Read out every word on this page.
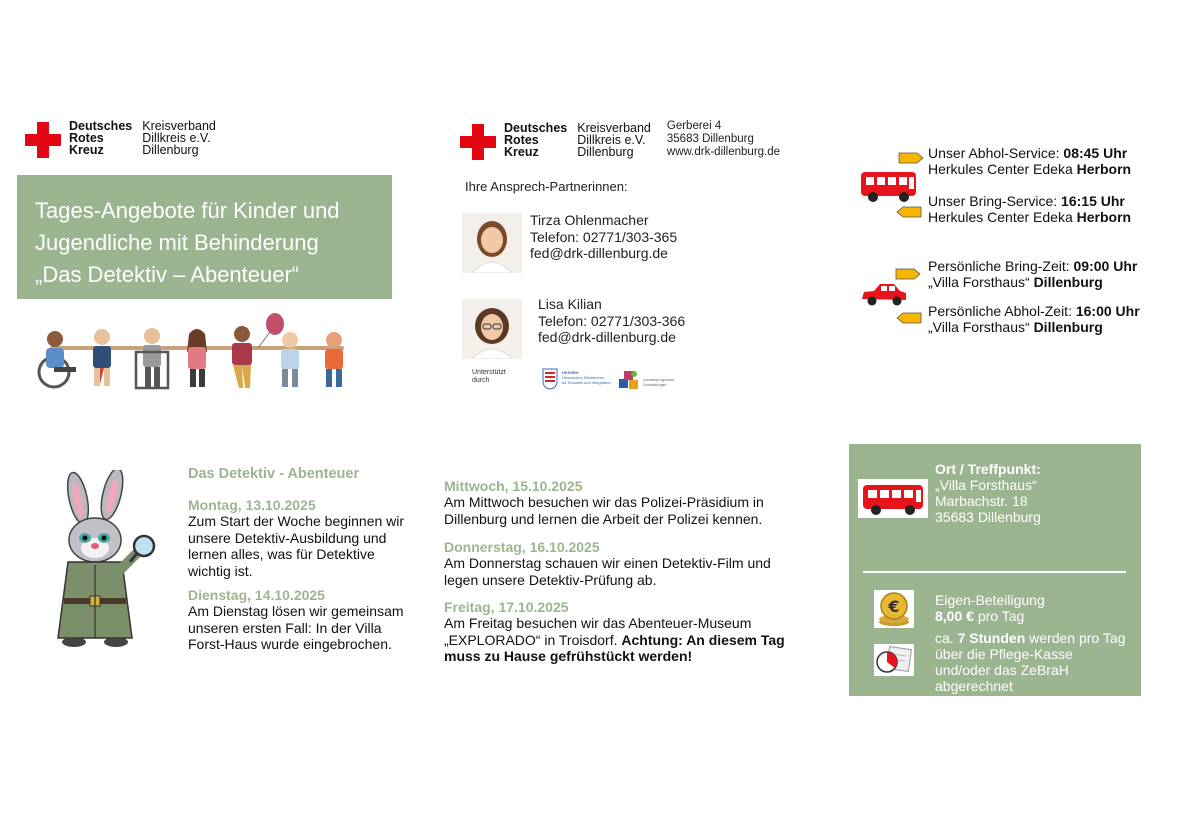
Deutsches
Rotes
Kreuz
Kreisverband
Dillkreis e.V.
Dillenburg
Tages-Angebote für Kinder und
Jugendliche mit Behinderung
„Das Detektiv – Abenteuer“
Deutsches
Rotes
Kreuz
Kreisverband
Dillkreis e.V.
Dillenburg
Gerberei 4
35683 Dillenburg
www.drk-dillenburg.de
Ihre Ansprech-Partnerinnen:
Tirza Ohlenmacher
Telefon: 02771/303-365
fed@drk-dillenburg.de
Lisa Kilian
Telefon: 02771/303-366
fed@drk-dillenburg.de
Unterstützt
durch
HESSEN
Hessisches Ministerium
für Soziales und Integration
Landesprogramm
Sozialbudget
Unser Abhol-Service: 08:45 Uhr
Herkules Center Edeka Herborn
Unser Bring-Service: 16:15 Uhr
Herkules Center Edeka Herborn
Persönliche Bring-Zeit: 09:00 Uhr
„Villa Forsthaus“ Dillenburg
Persönliche Abhol-Zeit: 16:00 Uhr
„Villa Forsthaus“ Dillenburg
Das Detektiv - Abenteuer
Montag, 13.10.2025
Zum Start der Woche beginnen wir
unsere Detektiv-Ausbildung und
lernen alles, was für Detektive
wichtig ist.
Dienstag, 14.10.2025
Am Dienstag lösen wir gemeinsam
unseren ersten Fall: In der Villa
Forst-Haus wurde eingebrochen.
Mittwoch, 15.10.2025
Am Mittwoch besuchen wir das Polizei-Präsidium in
Dillenburg und lernen die Arbeit der Polizei kennen.
Donnerstag, 16.10.2025
Am Donnerstag schauen wir einen Detektiv-Film und
legen unsere Detektiv-Prüfung ab.
Freitag, 17.10.2025
Am Freitag besuchen wir das Abenteuer-Museum
„EXPLORADO“ in Troisdorf. Achtung: An diesem Tag
muss zu Hause gefrühstückt werden!
Ort / Treffpunkt:
„Villa Forsthaus“
Marbachstr. 18
35683 Dillenburg
€	Eigen-Beteiligung
8,00 € pro Tag
ca. 7 Stunden werden pro Tag
über die Pflege-Kasse
und/oder das ZeBraH
abgerechnet
